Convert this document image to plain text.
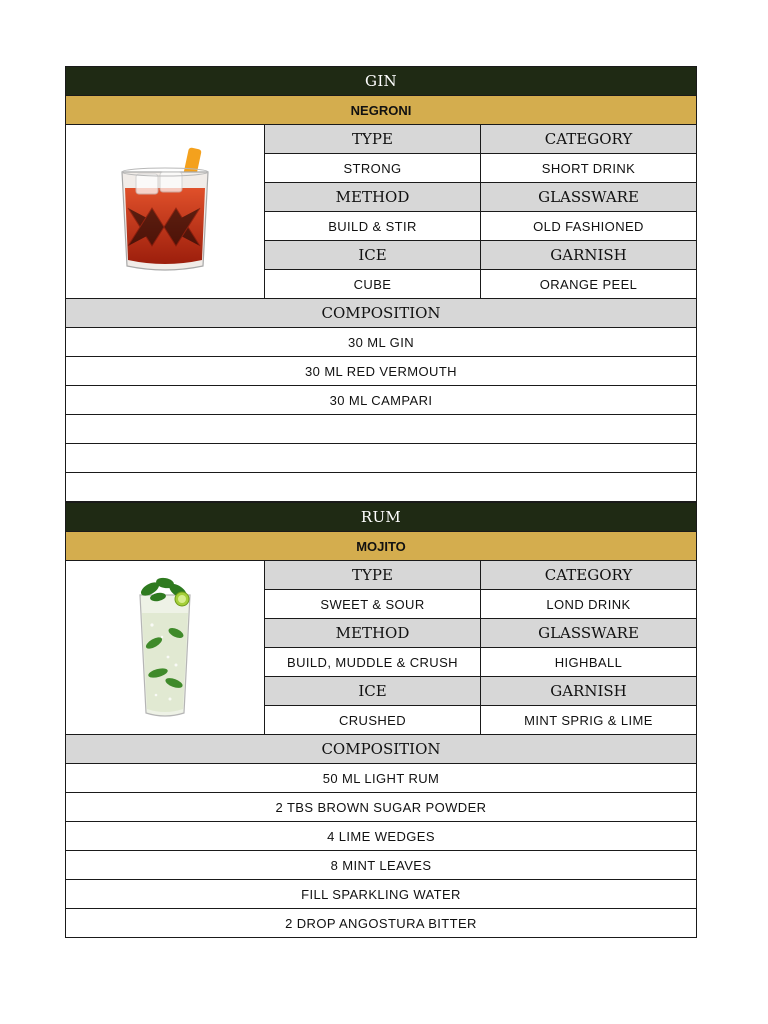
GIN		
NEGRONI		

	TYPE	CATEGORY
	STRONG	SHORT DRINK
	METHOD	GLASSWARE
	BUILD & STIR	OLD FASHIONED
	ICE	GARNISH
	CUBE	ORANGE PEEL
COMPOSITION		
30 ML GIN		
30 ML RED VERMOUTH		
30 ML CAMPARI		

RUM		
MOJITO		

	TYPE	CATEGORY
	SWEET & SOUR	LOND DRINK
	METHOD	GLASSWARE
	BUILD, MUDDLE & CRUSH	HIGHBALL
	ICE	GARNISH
	CRUSHED	MINT SPRIG & LIME
COMPOSITION		
50 ML LIGHT RUM		
2 TBS BROWN SUGAR POWDER		
4 LIME WEDGES		
8 MINT LEAVES		
FILL SPARKLING WATER		
2 DROP ANGOSTURA BITTER		
